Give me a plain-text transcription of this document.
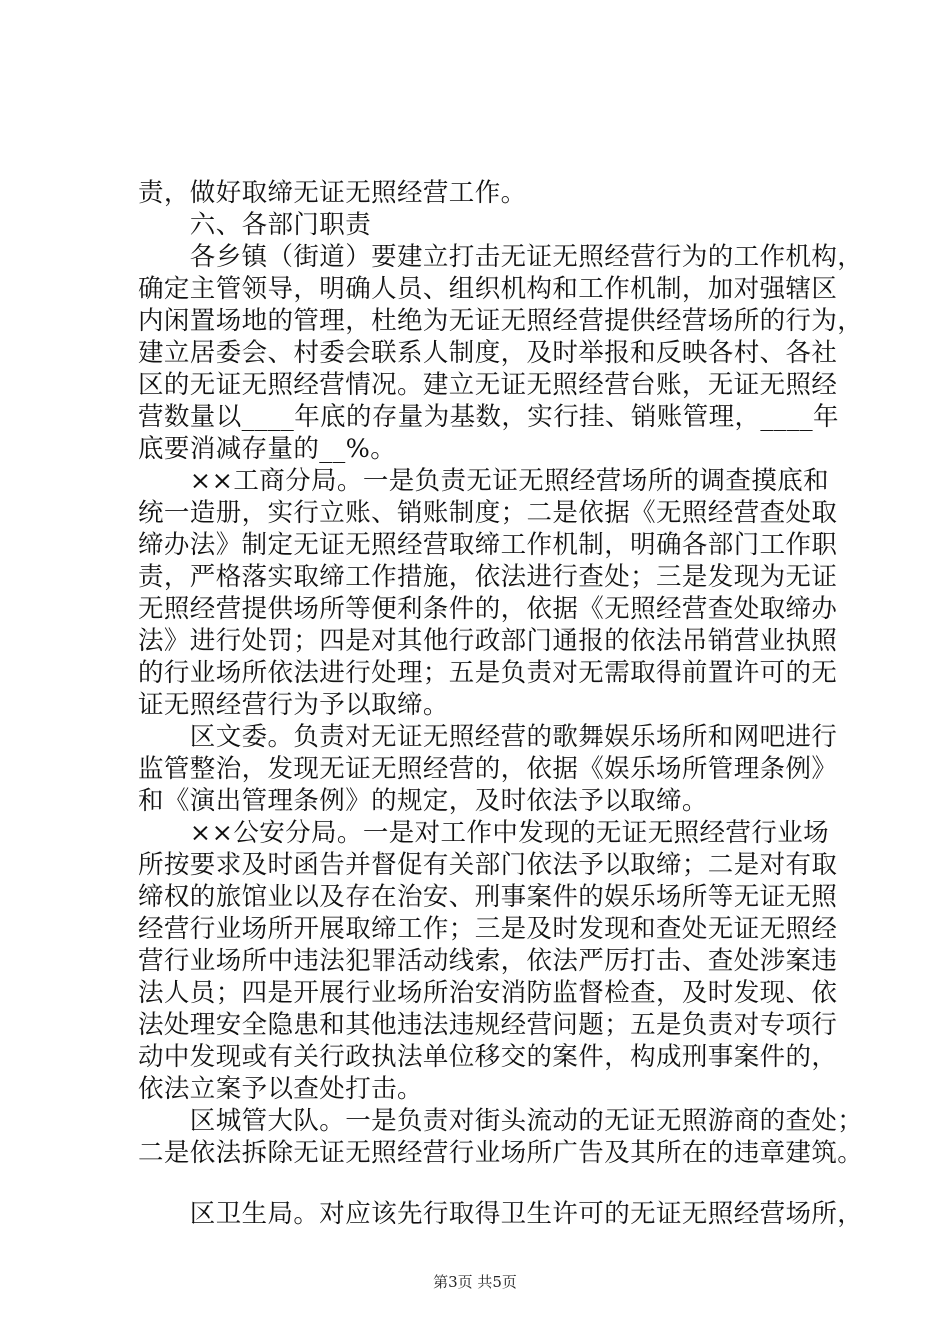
责，做好取缔无证无照经营工作。
　　六、各部门职责
　　各乡镇（街道）要建立打击无证无照经营行为的工作机构，
确定主管领导，明确人员、组织机构和工作机制，加对强辖区
内闲置场地的管理，杜绝为无证无照经营提供经营场所的行为，
建立居委会、村委会联系人制度，及时举报和反映各村、各社
区的无证无照经营情况。建立无证无照经营台账，无证无照经
营数量以____年底的存量为基数，实行挂、销账管理，____年
底要消减存量的__%。
　　××工商分局。一是负责无证无照经营场所的调查摸底和
统一造册，实行立账、销账制度；二是依据《无照经营查处取
缔办法》制定无证无照经营取缔工作机制，明确各部门工作职
责，严格落实取缔工作措施，依法进行查处；三是发现为无证
无照经营提供场所等便利条件的，依据《无照经营查处取缔办
法》进行处罚；四是对其他行政部门通报的依法吊销营业执照
的行业场所依法进行处理；五是负责对无需取得前置许可的无
证无照经营行为予以取缔。
　　区文委。负责对无证无照经营的歌舞娱乐场所和网吧进行
监管整治，发现无证无照经营的，依据《娱乐场所管理条例》
和《演出管理条例》的规定，及时依法予以取缔。
　　××公安分局。一是对工作中发现的无证无照经营行业场
所按要求及时函告并督促有关部门依法予以取缔；二是对有取
缔权的旅馆业以及存在治安、刑事案件的娱乐场所等无证无照
经营行业场所开展取缔工作；三是及时发现和查处无证无照经
营行业场所中违法犯罪活动线索，依法严厉打击、查处涉案违
法人员；四是开展行业场所治安消防监督检查，及时发现、依
法处理安全隐患和其他违法违规经营问题；五是负责对专项行
动中发现或有关行政执法单位移交的案件，构成刑事案件的，
依法立案予以查处打击。
　　区城管大队。一是负责对街头流动的无证无照游商的查处；
二是依法拆除无证无照经营行业场所广告及其所在的违章建筑。
　　区卫生局。对应该先行取得卫生许可的无证无照经营场所，
第3页 共5页
